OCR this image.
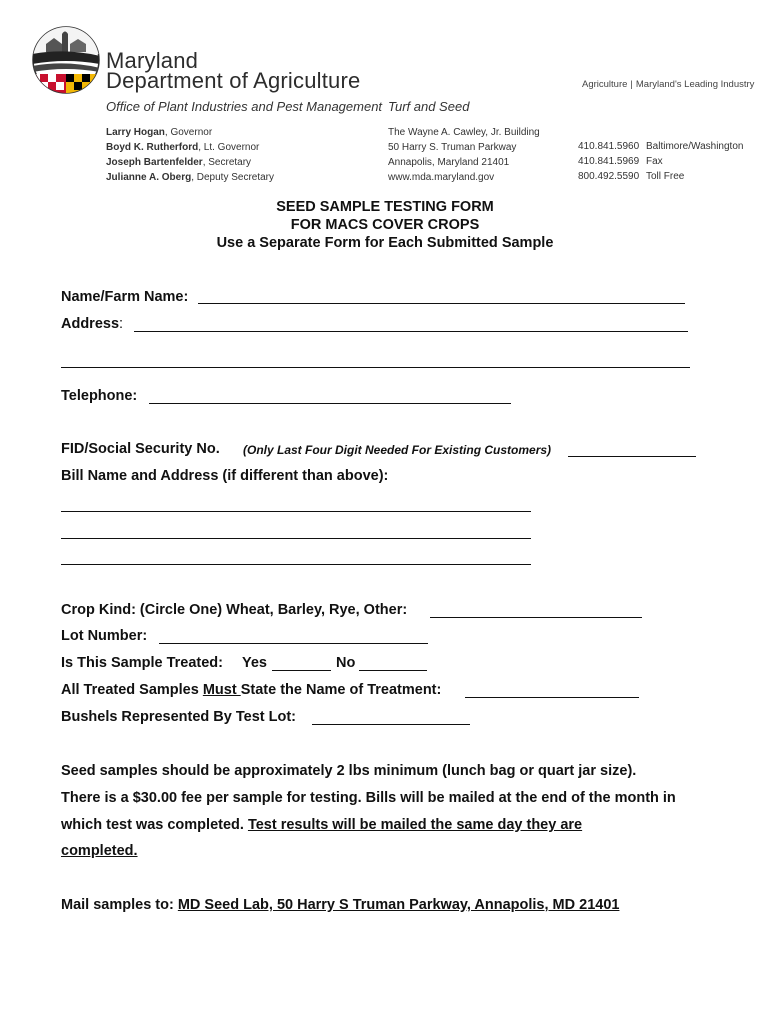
Maryland
Department of Agriculture
Office of Plant Industries and Pest Management Turf and Seed
Agriculture | Maryland's Leading Industry
Larry Hogan, Governor
Boyd K. Rutherford, Lt. Governor
Joseph Bartenfelder, Secretary
Julianne A. Oberg, Deputy Secretary
The Wayne A. Cawley, Jr. Building
50 Harry S. Truman Parkway
Annapolis, Maryland 21401
www.mda.maryland.gov
410.841.5960
410.841.5969
800.492.5590
Baltimore/Washington
Fax
Toll Free
SEED SAMPLE TESTING FORM
FOR MACS COVER CROPS
Use a Separate Form for Each Submitted Sample
Name/Farm Name:
Address:
Telephone:
FID/Social Security No. (Only Last Four Digit Needed For Existing Customers)
Bill Name and Address (if different than above):
Crop Kind: (Circle One) Wheat, Barley, Rye, Other:
Lot Number:
Is This Sample Treated: Yes	No
All Treated Samples Must State the Name of Treatment:
Bushels Represented By Test Lot:
Seed samples should be approximately 2 lbs minimum (lunch bag or quart jar size).
There is a $30.00 fee per sample for testing. Bills will be mailed at the end of the month in
which test was completed. Test results will be mailed the same day they are
completed.
Mail samples to: MD Seed Lab, 50 Harry S Truman Parkway, Annapolis, MD 21401
